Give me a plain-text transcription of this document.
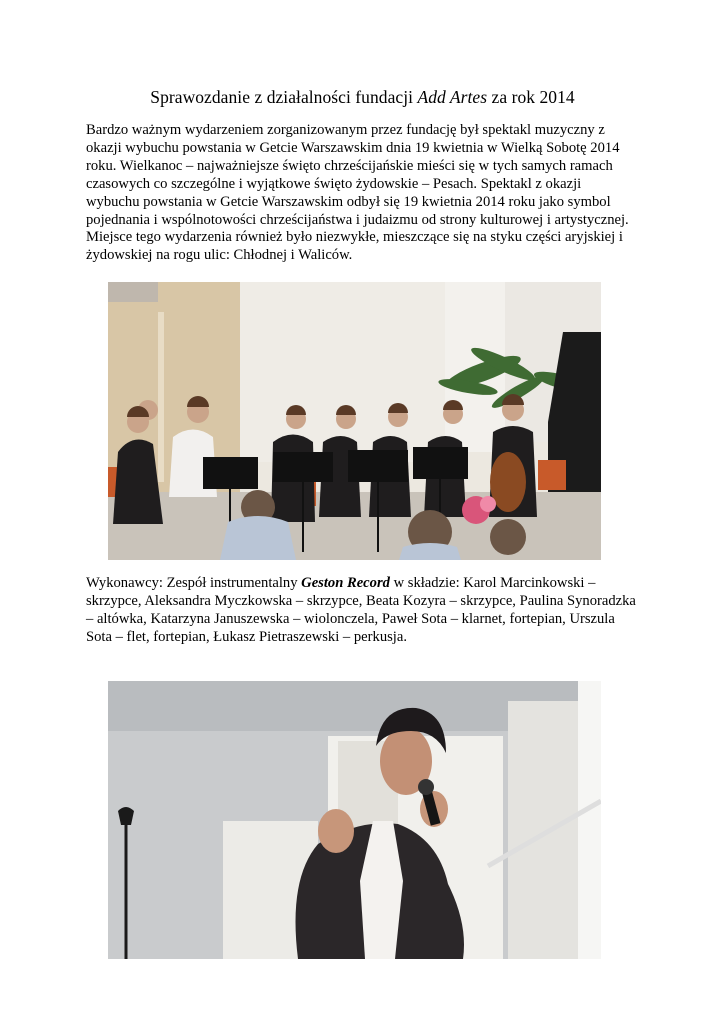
Sprawozdanie z działalności fundacji Add Artes za rok 2014
Bardzo ważnym wydarzeniem zorganizowanym przez fundację był spektakl muzyczny z
okazji wybuchu powstania w Getcie Warszawskim dnia 19 kwietnia w Wielką Sobotę 2014
roku. Wielkanoc – najważniejsze święto chrześcijańskie mieści się w tych samych ramach
czasowych co szczególne i wyjątkowe święto żydowskie – Pesach. Spektakl z okazji
wybuchu powstania w Getcie Warszawskim odbył się 19 kwietnia 2014 roku jako symbol
pojednania i wspólnotowości chrześcijaństwa i judaizmu od strony kulturowej i artystycznej.
Miejsce tego wydarzenia również było niezwykłe, mieszczące się na styku części aryjskiej i
żydowskiej na rogu ulic: Chłodnej i Waliców.
Wykonawcy: Zespół instrumentalny Geston Record w składzie: Karol Marcinkowski –
skrzypce, Aleksandra Myczkowska – skrzypce, Beata Kozyra – skrzypce, Paulina Synoradzka
– altówka, Katarzyna Januszewska – wiolonczela, Paweł Sota – klarnet, fortepian, Urszula
Sota – flet, fortepian, Łukasz Pietraszewski – perkusja.
